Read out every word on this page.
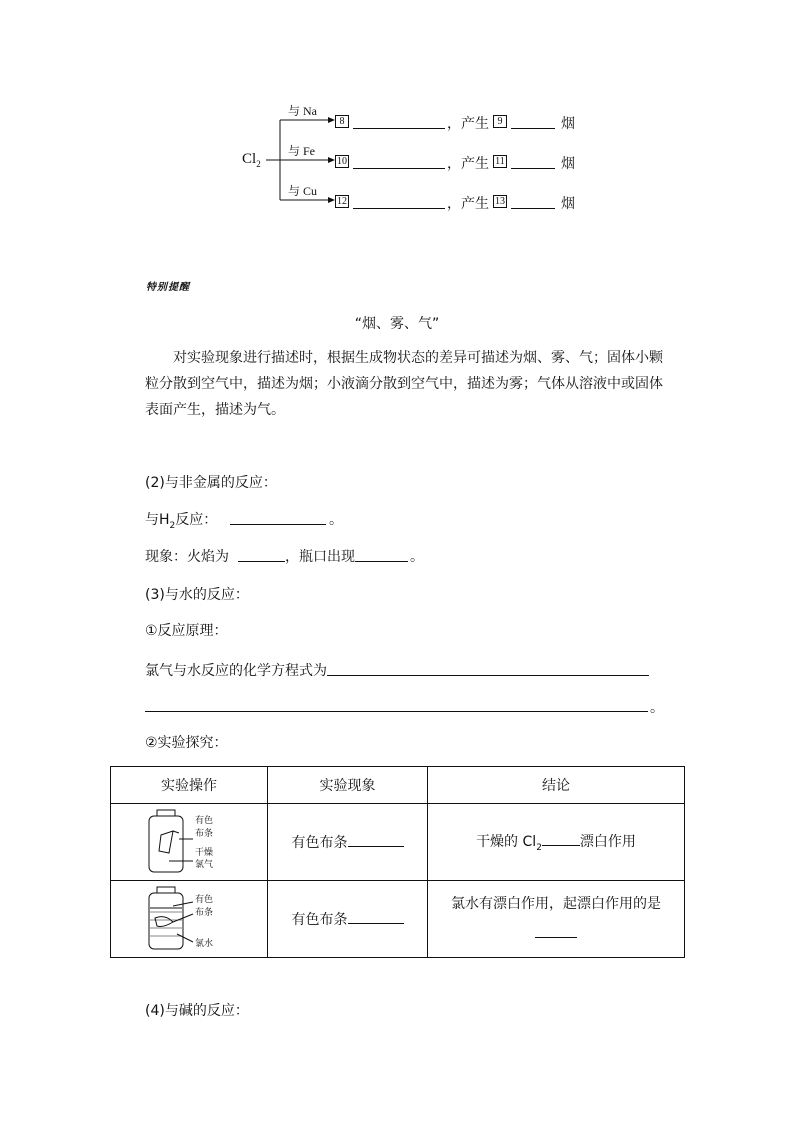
$Cl_2$
与 Na
8	，产生 9	烟
与 Fe
10	，产生 11	烟
与 Cu
12	，产生 13	烟
特别提醒
“烟、雾、气”
对实验现象进行描述时，根据生成物状态的差异可描述为烟、雾、气；固体小颗粒分散到空气中，描述为烟；小液滴分散到空气中，描述为雾；气体从溶液中或固体表面产生，描述为气。
(2)与非金属的反应：
与$H_2$反应：	。
现象：火焰为	，瓶口出现	。
(3)与水的反应：
①反应原理：
氯气与水反应的化学方程式为
。
②实验探究：
实验操作	实验现象	结论

有色
布条
干燥
氯气	有色布条	干燥的 $Cl_2$ 漂白作用

有色
布条
氯水	有色布条	氯水有漂白作用，起漂白作用的是
(4)与碱的反应：
